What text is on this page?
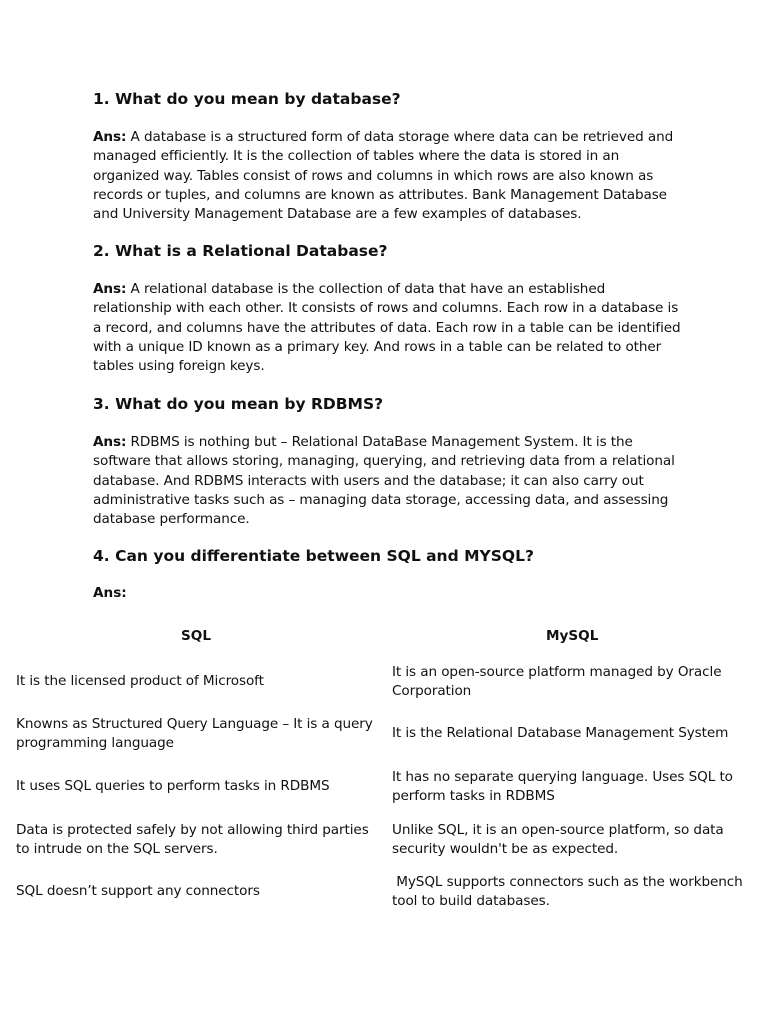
1. What do you mean by database?

Ans: A database is a structured form of data storage where data can be retrieved and managed efficiently. It is the collection of tables where the data is stored in an organized way. Tables consist of rows and columns in which rows are also known as records or tuples, and columns are known as attributes. Bank Management Database and University Management Database are a few examples of databases.

2. What is a Relational Database?

Ans: A relational database is the collection of data that have an established relationship with each other. It consists of rows and columns. Each row in a database is a record, and columns have the attributes of data. Each row in a table can be identified with a unique ID known as a primary key. And rows in a table can be related to other tables using foreign keys.

3. What do you mean by RDBMS?

Ans: RDBMS is nothing but – Relational DataBase Management System. It is the software that allows storing, managing, querying, and retrieving data from a relational database. And RDBMS interacts with users and the database; it can also carry out administrative tasks such as – managing data storage, accessing data, and assessing database performance.

4. Can you differentiate between SQL and MYSQL?

Ans:
SQL	MySQL
It is the licensed product of Microsoft
It is an open-source platform managed by Oracle Corporation
Knowns as Structured Query Language – It is a query programming language
It is the Relational Database Management System
It uses SQL queries to perform tasks in RDBMS
It has no separate querying language. Uses SQL to perform tasks in RDBMS
Data is protected safely by not allowing third parties to intrude on the SQL servers.
Unlike SQL, it is an open-source platform, so data security wouldn't be as expected.
SQL doesn’t support any connectors
MySQL supports connectors such as the workbench tool to build databases.
